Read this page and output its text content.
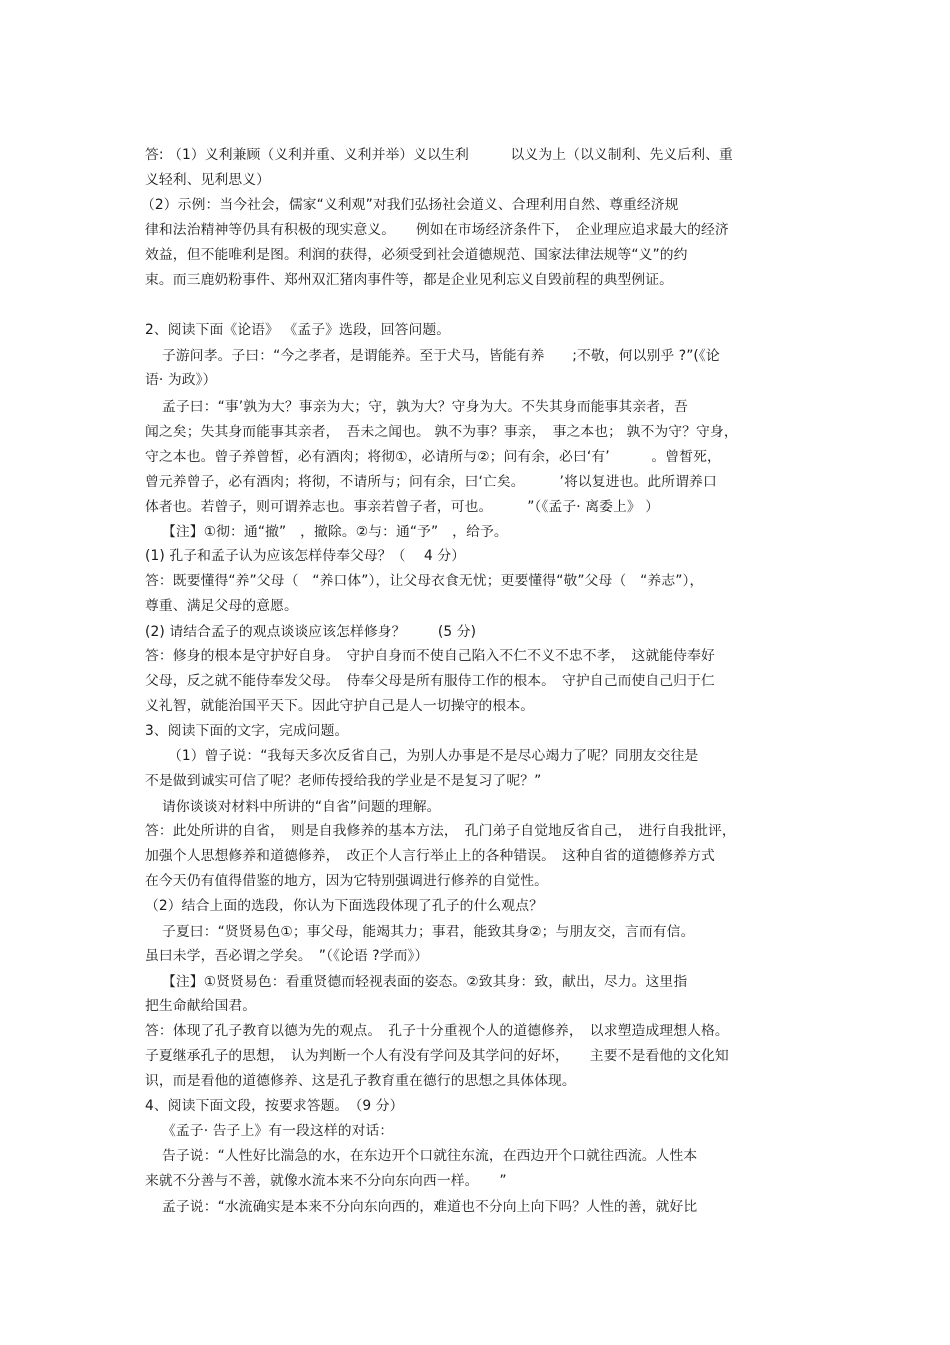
答: （1）义利兼顾（义利并重、义利并举）义以生利　　　以义为上（以义制利、先义后利、重
义轻利、见利思义）
（2）示例：当今社会，儒家“义利观”对我们弘扬社会道义、合理利用自然、尊重经济规
律和法治精神等仍具有积极的现实意义。　　例如在市场经济条件下，　企业理应追求最大的经济
效益，但不能唯利是图。利润的获得，必须受到社会道德规范、国家法律法规等“义”的约
束。而三鹿奶粉事件、郑州双汇猪肉事件等，都是企业见利忘义自毁前程的典型例证。
2、阅读下面《论语》 《孟子》选段，回答问题。
子游问孝。子曰：“今之孝者，是谓能养。至于犬马，皆能有养　　;不敬，何以别乎 ?”(《论
语· 为政》）
孟子曰：“事’孰为大？事亲为大；守，孰为大？守身为大。不失其身而能事其亲者，吾
闻之矣；失其身而能事其亲者，　吾未之闻也。 孰不为事？事亲，　事之本也； 孰不为守？守身，
守之本也。曾子养曾皙，必有酒肉；将彻①，必请所与②；问有余，必曰‘有’　　　。曾皙死，
曾元养曾子，必有酒肉；将彻，不请所与；问有余，曰‘亡矣。　　　’将以复进也。此所谓养口
体者也。若曾子，则可谓养志也。事亲若曾子者，可也。　　　”（《孟子· 离委上》 ）
【注】①彻：通“撤”　，撤除。②与：通“予”　，给予。
(1) 孔子和孟子认为应该怎样侍奉父母？（　 4 分）
答：既要懂得“养”父母（　“养口体”），让父母衣食无忧；更要懂得“敬”父母（　“养志”），
尊重、满足父母的意愿。
(2) 请结合孟子的观点谈谈应该怎样修身？　　 (5 分)
答：修身的根本是守护好自身。　守护自身而不使自己陷入不仁不义不忠不孝，　这就能侍奉好
父母，反之就不能侍奉发父母。　侍奉父母是所有服侍工作的根本。　守护自己而使自己归于仁
义礼智，就能治国平天下。因此守护自己是人一切操守的根本。
3、阅读下面的文字，完成问题。
（1）曾子说：“我每天多次反省自己，为别人办事是不是尽心竭力了呢？同朋友交往是
不是做到诚实可信了呢？老师传授给我的学业是不是复习了呢？”
请你谈谈对材料中所讲的“自省”问题的理解。
答：此处所讲的自省，　则是自我修养的基本方法，　孔门弟子自觉地反省自己，　进行自我批评，
加强个人思想修养和道德修养，　改正个人言行举止上的各种错误。　这种自省的道德修养方式
在今天仍有值得借鉴的地方，因为它特别强调进行修养的自觉性。
（2）结合上面的选段，你认为下面选段体现了孔子的什么观点？
子夏曰：“贤贤易色①；事父母，能竭其力；事君，能致其身②；与朋友交，言而有信。
虽曰未学，吾必谓之学矣。　”（《论语 ?学而》）
【注】①贤贤易色：看重贤德而轻视表面的姿态。②致其身：致，献出，尽力。这里指
把生命献给国君。
答：体现了孔子教育以德为先的观点。　孔子十分重视个人的道德修养，　以求塑造成理想人格。
子夏继承孔子的思想，　认为判断一个人有没有学问及其学问的好坏，　　主要不是看他的文化知
识，而是看他的道德修养、这是孔子教育重在德行的思想之具体体现。
4、阅读下面文段，按要求答题。　（9 分）
《孟子· 告子上》有一段这样的对话：
告子说：“人性好比湍急的水，在东边开个口就往东流，在西边开个口就往西流。人性本
来就不分善与不善，就像水流本来不分向东向西一样。　　”
孟子说：“水流确实是本来不分向东向西的，难道也不分向上向下吗？人性的善，就好比
